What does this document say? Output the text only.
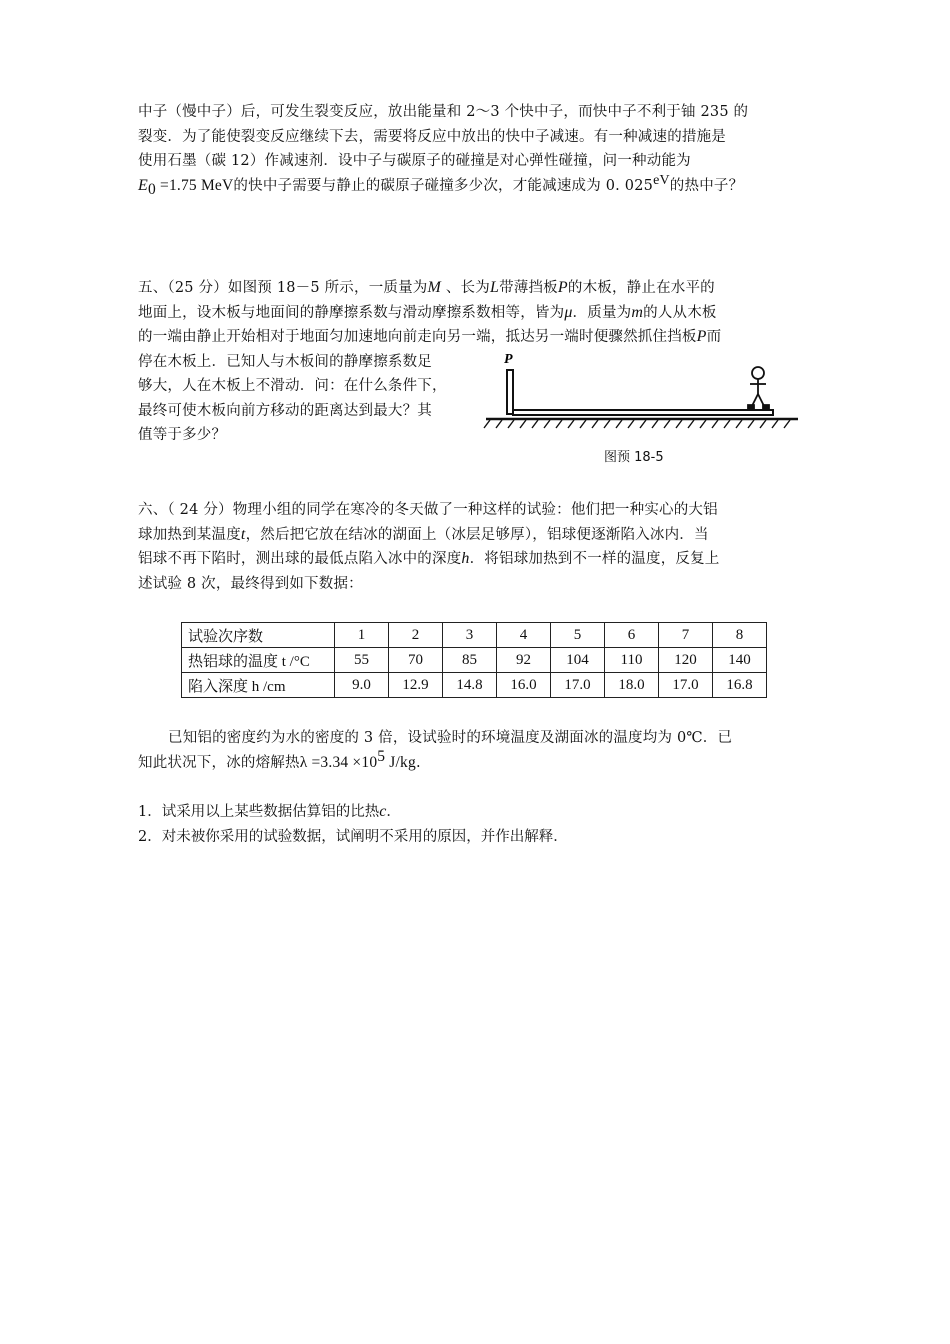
中子（慢中子）后，可发生裂变反应，放出能量和 2～3 个快中子，而快中子不利于铀 235 的
裂变．为了能使裂变反应继续下去，需要将反应中放出的快中子减速。有一种减速的措施是
使用石墨（碳 12）作减速剂．设中子与碳原子的碰撞是对心弹性碰撞，问一种动能为
$E_0 =1.75$ MeV的快中子需要与静止的碳原子碰撞多少次，才能减速成为 0. $025^{eV}$的热中子？
五、（25 分）如图预 18－5 所示，一质量为M 、长为L带薄挡板P的木板，静止在水平的
地面上，设木板与地面间的静摩擦系数与滑动摩擦系数相等，皆为μ．质量为m的人从木板
的一端由静止开始相对于地面匀加速地向前走向另一端，抵达另一端时便骤然抓住挡板P而
停在木板上．已知人与木板间的静摩擦系数足
够大，人在木板上不滑动．问：在什么条件下，
最终可使木板向前方移动的距离达到最大？其
值等于多少？
P
图预 18-5
六、（ 24 分）物理小组的同学在寒冷的冬天做了一种这样的试验：他们把一种实心的大铝
球加热到某温度t，然后把它放在结冰的湖面上（冰层足够厚），铝球便逐渐陷入冰内．当
铝球不再下陷时，测出球的最低点陷入冰中的深度h．将铝球加热到不一样的温度，反复上
述试验 8 次，最终得到如下数据：
试验次序数	1	2	3	4	5	6	7	8
热铝球的温度 t /°C	55	70	85	92	104	110	120	140
陷入深度 h /cm	9.0	12.9	14.8	16.0	17.0	18.0	17.0	16.8
已知铝的密度约为水的密度的 3 倍，设试验时的环境温度及湖面冰的温度均为 0℃．已
知此状况下，冰的熔解热$\lambda =3.34 \times 10^5$ J/kg.
1．试采用以上某些数据估算铝的比热c．
2．对未被你采用的试验数据，试阐明不采用的原因，并作出解释．
